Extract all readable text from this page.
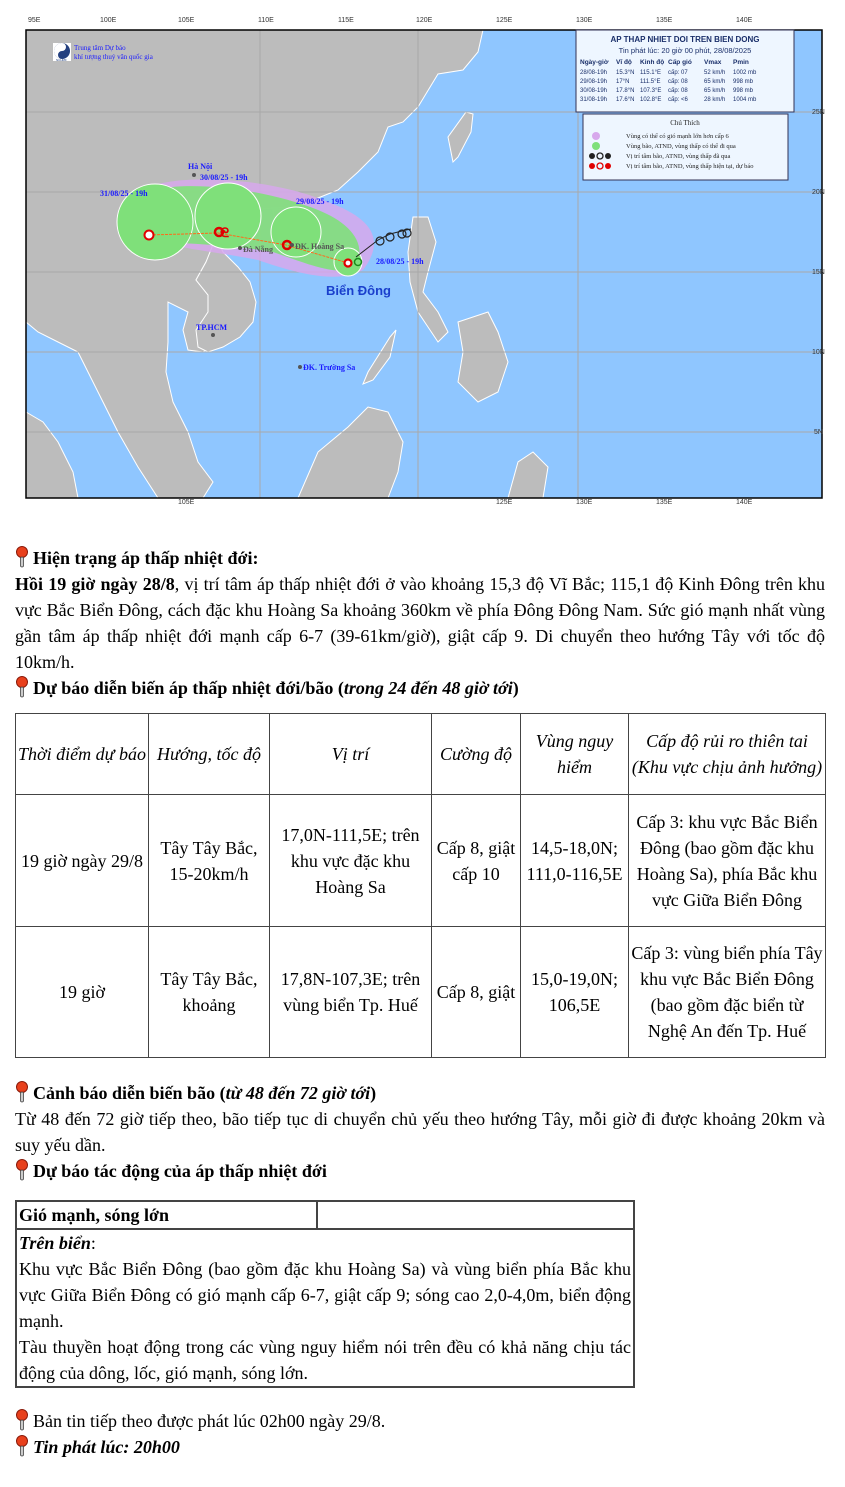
95E	100E	105E	110E	115E	120E	125E	130E	135E	140E
105E	125E	130E	135E	140E
25N
20N
15N
10N
5N
NCHMF
Trung tâm Dự báo
khí tượng thuỷ văn quốc gia
ᘓ
Hà Nội
Đà Nẵng	ĐK. Hoàng Sa
TP.HCM
ĐK. Trường Sa
31/08/25 - 19h
30/08/25 - 19h
29/08/25 - 19h
28/08/25 - 19h
Biển Đông
AP THAP NHIET DOI TREN BIEN DONG
Tin phát lúc: 20 giờ 00 phút, 28/08/2025
Ngày-giờ Vĩ độ Kinh độ Cấp gió Vmax Pmin
28/08-19h 15.3°N 115.1°E cấp: 07	52 km/h 1002 mb
29/08-19h 17°N 111.5°E cấp: 08	65 km/h 998 mb
30/08-19h 17.8°N 107.3°E cấp: 08	65 km/h 998 mb
31/08-19h 17.6°N 102.8°E cấp: <6	28 km/h 1004 mb
Chú Thích
Vùng có thể có gió mạnh lớn hơn cấp 6
Vùng bão, ATND, vùng thấp có thể đi qua
Vị trí tâm bão, ATND, vùng thấp đã qua
Vị trí tâm bão, ATND, vùng thấp hiện tại, dự báo
Hiện trạng áp thấp nhiệt đới:

Hồi 19 giờ ngày 28/8, vị trí tâm áp thấp nhiệt đới ở vào khoảng 15,3 độ Vĩ Bắc; 115,1 độ Kinh Đông trên khu vực Bắc Biển Đông, cách đặc khu Hoàng Sa khoảng 360km về phía Đông Đông Nam. Sức gió mạnh nhất vùng gần tâm áp thấp nhiệt đới mạnh cấp 6-7 (39-61km/giờ), giật cấp 9. Di chuyển theo hướng Tây với tốc độ 10km/h.

Dự báo diễn biến áp thấp nhiệt đới/bão (trong 24 đến 48 giờ tới)
Thời điểm dự báo	Hướng, tốc độ	Vị trí	Cường độ	Vùng nguy hiểm	Cấp độ rủi ro thiên tai (Khu vực chịu ảnh hưởng)
19 giờ ngày 29/8	Tây Tây Bắc, 15-20km/h	17,0N-111,5E; trên khu vực đặc khu Hoàng Sa	Cấp 8, giật cấp 10	14,5-18,0N; 111,0-116,5E	Cấp 3: khu vực Bắc Biển Đông (bao gồm đặc khu Hoàng Sa), phía Bắc khu vực Giữa Biển Đông
19 giờ	Tây Tây Bắc, khoảng	17,8N-107,3E; trên vùng biển Tp. Huế	Cấp 8, giật	15,0-19,0N; 106,5E	Cấp 3: vùng biển phía Tây khu vực Bắc Biển Đông (bao gồm đặc biển từ Nghệ An đến Tp. Huế
Cảnh báo diễn biến bão (từ 48 đến 72 giờ tới)

Từ 48 đến 72 giờ tiếp theo, bão tiếp tục di chuyển chủ yếu theo hướng Tây, mỗi giờ đi được khoảng 20km và suy yếu dần.

Dự báo tác động của áp thấp nhiệt đới
Gió mạnh, sóng lớn	

Trên biển:
Khu vực Bắc Biển Đông (bao gồm đặc khu Hoàng Sa) và vùng biển phía Bắc khu vực Giữa Biển Đông có gió mạnh cấp 6-7, giật cấp 9; sóng cao 2,0-4,0m, biển động mạnh.
Tàu thuyền hoạt động trong các vùng nguy hiểm nói trên đều có khả năng chịu tác động của dông, lốc, gió mạnh, sóng lớn.
Bản tin tiếp theo được phát lúc 02h00 ngày 29/8.
Tin phát lúc: 20h00
